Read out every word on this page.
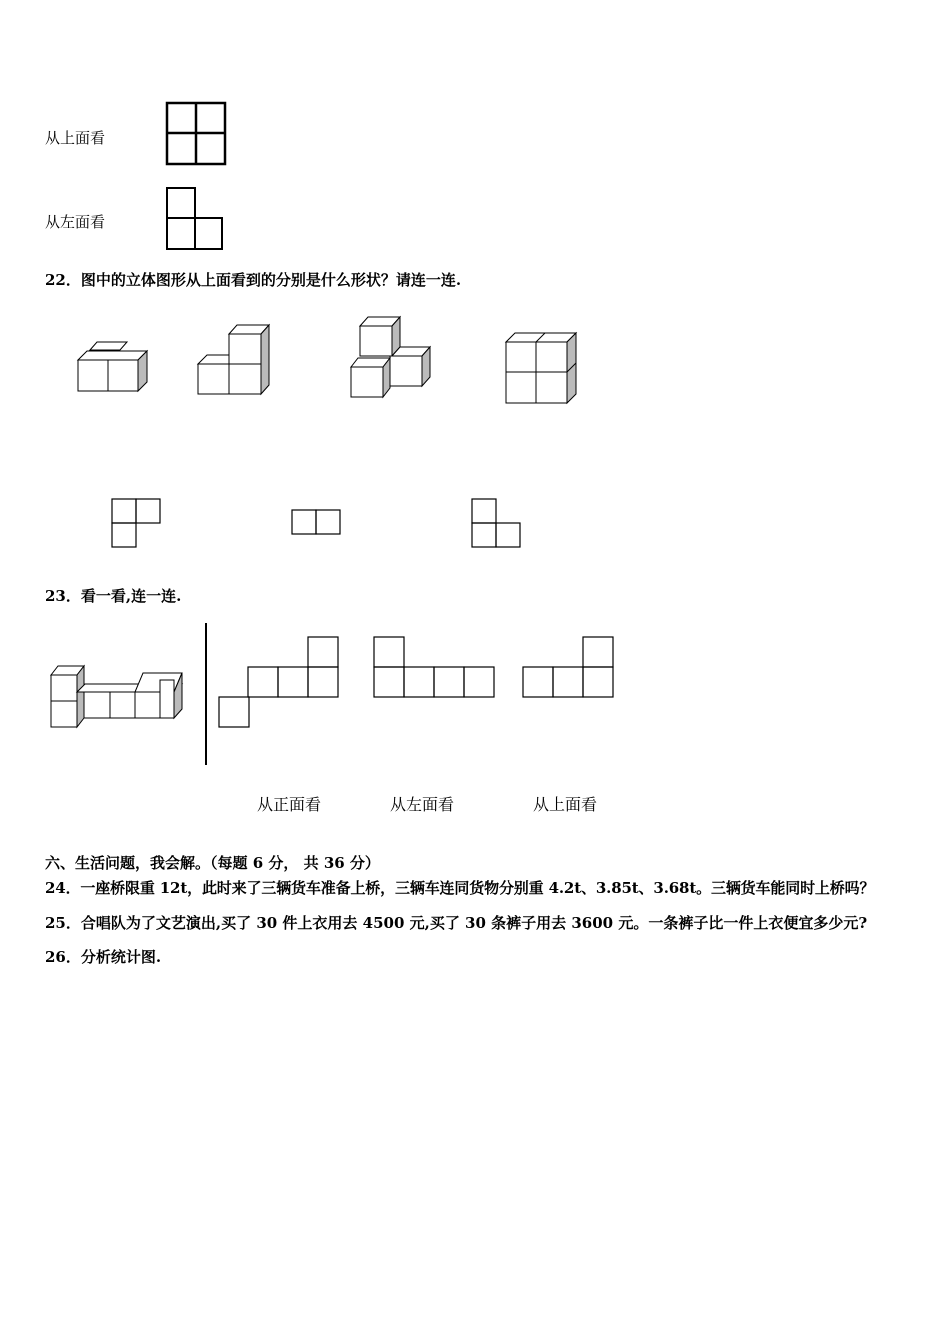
从上面看
从左面看
22．图中的立体图形从上面看到的分别是什么形状？请连一连.
23．看一看,连一连.
从正面看	从左面看	从上面看
六、生活问题，我会解。（每题 6 分， 共 36 分）
24．一座桥限重 12t，此时来了三辆货车准备上桥，三辆车连同货物分别重 4.2t、3.85t、3.68t。三辆货车能同时上桥吗？
25．合唱队为了文艺演出,买了 30 件上衣用去 4500 元,买了 30 条裤子用去 3600 元。一条裤子比一件上衣便宜多少元?
26．分析统计图.
